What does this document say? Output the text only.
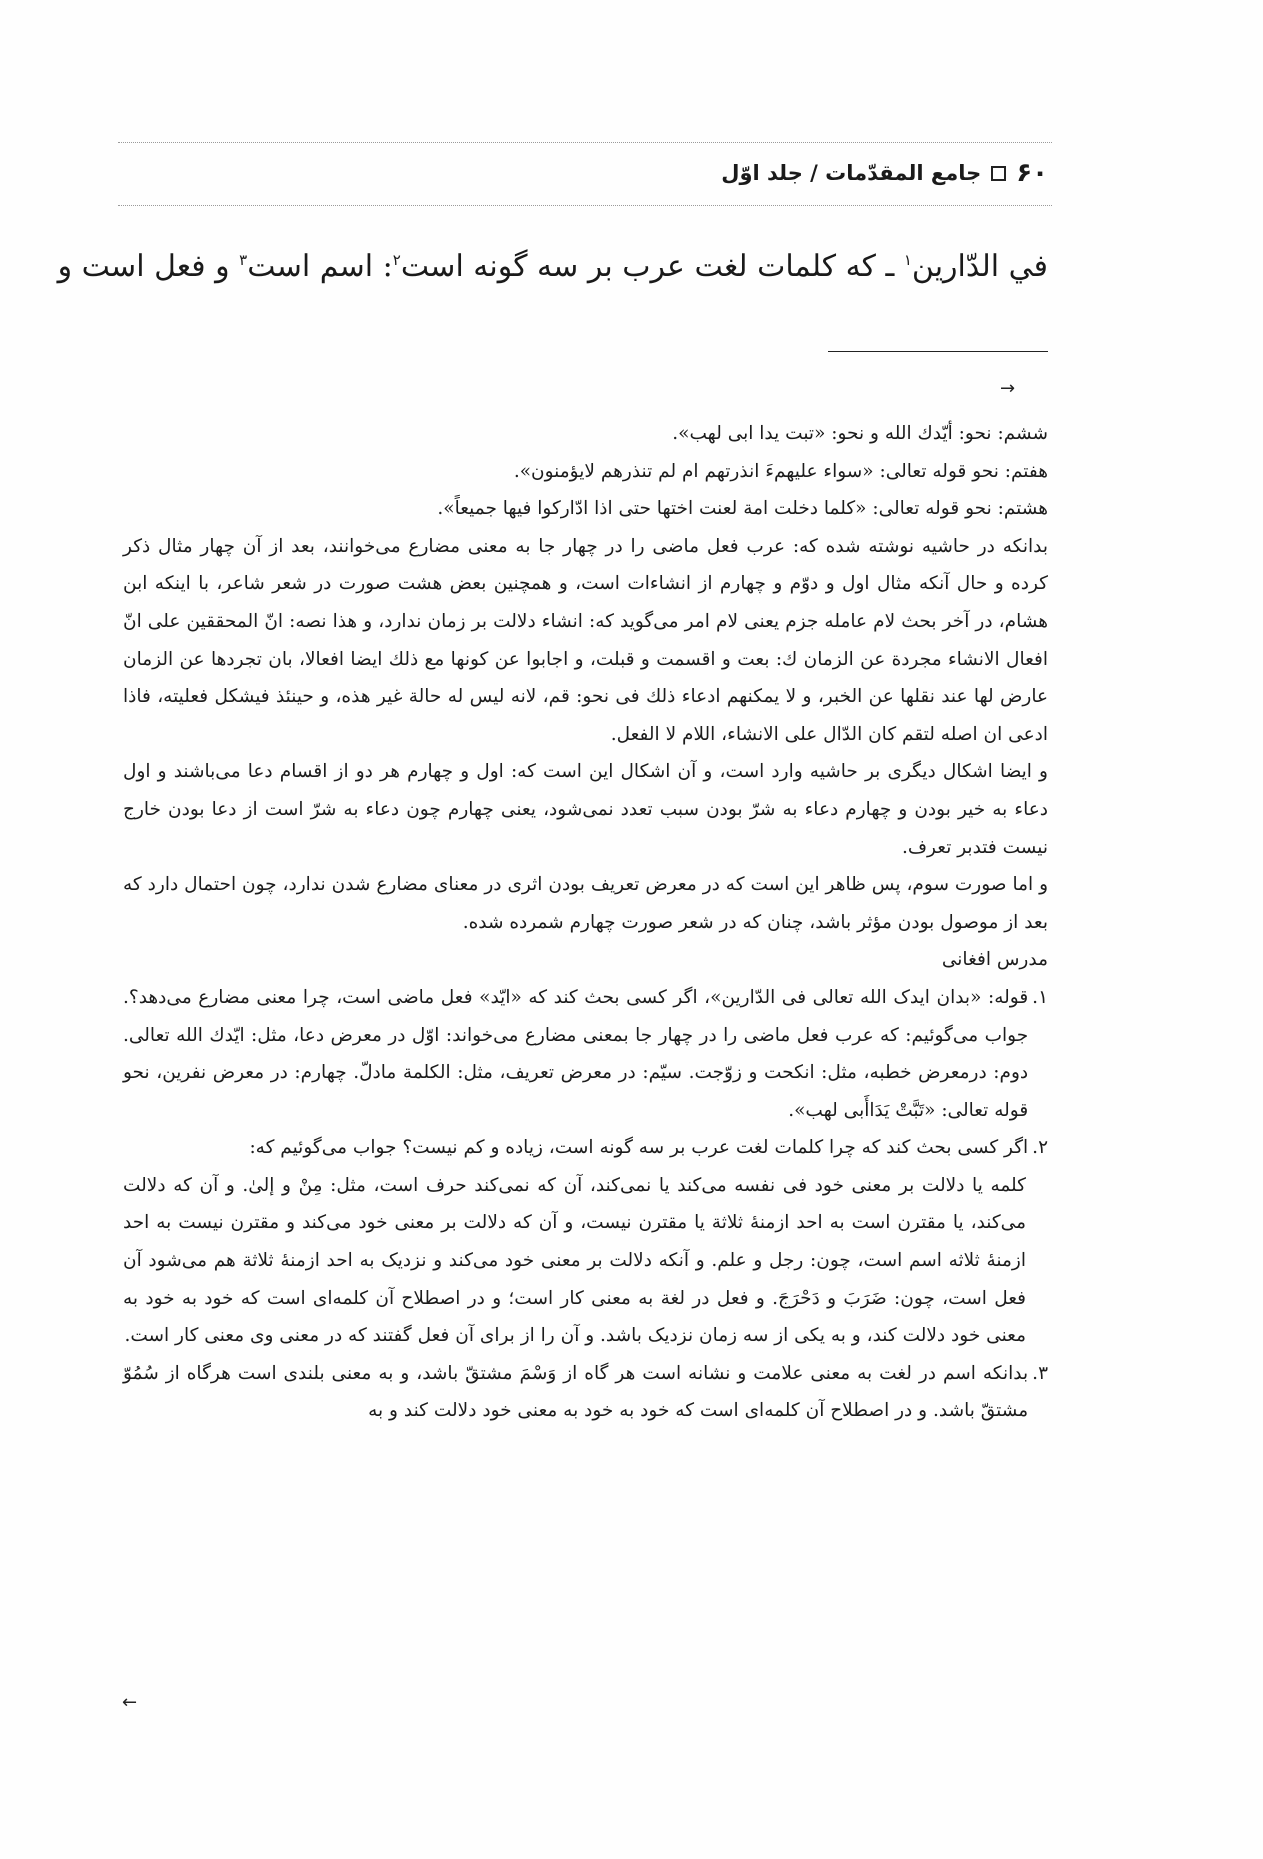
۶۰
جامع المقدّمات / جلد اوّل
في الدّارين$^۱$ ـ که کلمات لغت عرب بر سه گونه است$^۲$: اسم است$^۳$ و فعل است و
→

ششم: نحو: أيّدك الله و نحو: «تبت يدا ابى لهب».

هفتم: نحو قوله تعالى: «سواء عليهمءَ انذرتهم ام لم تنذرهم لايؤمنون».

هشتم: نحو قوله تعالى: «كلما دخلت امة لعنت اختها حتى اذا ادّاركوا فيها جميعاً».

بدانكه در حاشيه نوشته شده كه: عرب فعل ماضى را در چهار جا به معنى مضارع مى‌خوانند، بعد از آن چهار مثال ذكر كرده و حال آنكه مثال اول و دوّم و چهارم از انشاءات است، و همچنين بعض هشت صورت در شعر شاعر، با اينكه ابن هشام، در آخر بحث لام عامله جزم يعنى لام امر مى‌گويد كه: انشاء دلالت بر زمان ندارد، و هذا نصه: انّ المحققين على انّ افعال الانشاء مجردة عن الزمان ك: بعت و اقسمت و قبلت، و اجابوا عن كونها مع ذلك ايضا افعالا، بان تجردها عن الزمان عارض لها عند نقلها عن الخبر، و لا يمكنهم ادعاء ذلك فى نحو: قم، لانه ليس له حالة غير هذه، و حينئذ فيشكل فعليته، فاذا ادعى ان اصله لتقم كان الدّال على الانشاء، اللام لا الفعل.

و ايضا اشكال ديگرى بر حاشيه وارد است، و آن اشكال اين است كه: اول و چهارم هر دو از اقسام دعا مى‌باشند و اول دعاء به خير بودن و چهارم دعاء به شرّ بودن سبب تعدد نمى‌شود، يعنى چهارم چون دعاء به شرّ است از دعا بودن خارج نيست فتدبر تعرف.

و اما صورت سوم، پس ظاهر اين است كه در معرض تعريف بودن اثرى در معناى مضارع شدن ندارد، چون احتمال دارد كه بعد از موصول بودن مؤثر باشد، چنان كه در شعر صورت چهارم شمرده شده.

مدرس افغانى

۱.
قوله: «بدان ايدک الله تعالى فى الدّارين»، اگر كسى بحث كند كه «ايّد» فعل ماضى است، چرا معنى مضارع مى‌دهد؟. جواب مى‌گوئيم: كه عرب فعل ماضى را در چهار جا بمعنى مضارع مى‌خواند: اوّل در معرض دعا، مثل: ايّدك الله تعالى. دوم: درمعرض خطبه، مثل: انكحت و زوّجت. سيّم: در معرض تعريف، مثل: الكلمة مادلّ. چهارم: در معرض نفرين، نحو قوله تعالى: «تَبَّتْ يَدَاأَبى لهب».
۲.
اگر كسى بحث كند كه چرا كلمات لغت عرب بر سه گونه است، زياده و كم نيست؟ جواب مى‌گوئيم كه:

كلمه يا دلالت بر معنى خود فى نفسه مى‌كند يا نمى‌كند، آن كه نمى‌كند حرف است، مثل: مِنْ و إلىٰ. و آن كه دلالت مى‌كند، يا مقترن است به احد ازمنۀ ثلاثة يا مقترن نيست، و آن كه دلالت بر معنى خود مى‌كند و مقترن نيست به احد ازمنۀ ثلاثه اسم است، چون: رجل و علم. و آنكه دلالت بر معنى خود مى‌كند و نزديک به احد ازمنۀ ثلاثة هم مى‌شود آن فعل است، چون: ضَرَبَ و دَحْرَجَ. و فعل در لغة به معنى كار است؛ و در اصطلاح آن كلمه‌اى است كه خود به خود به معنى خود دلالت كند، و به يكى از سه زمان نزديک باشد. و آن را از براى آن فعل گفتند كه در معنى وى معنى كار است.

۳.
بدانكه اسم در لغت به معنى علامت و نشانه است هر گاه از وَسْمَ مشتقّ باشد، و به معنى بلندى است هرگاه از سُمُوّ مشتقّ باشد. و در اصطلاح آن كلمه‌اى است كه خود به خود به معنى خود دلالت كند و به
←
